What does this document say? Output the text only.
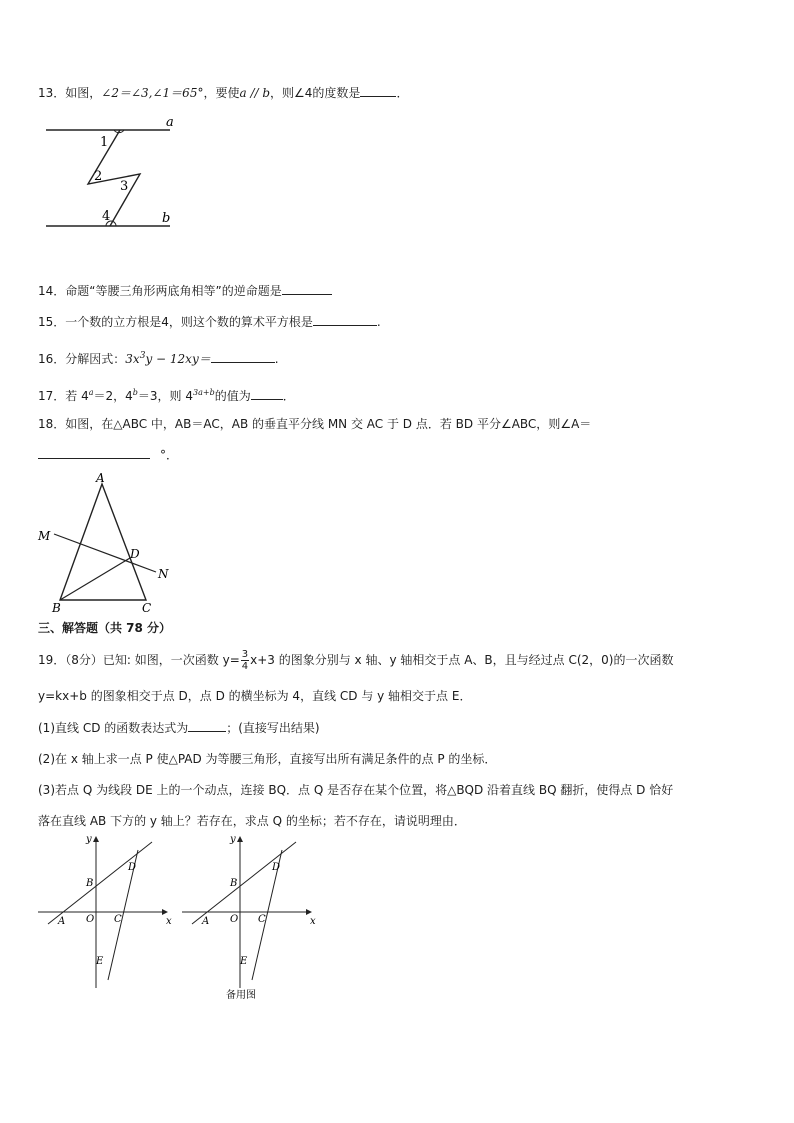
13．如图，∠2＝∠3,∠1＝65°，要使a // b，则∠4的度数是	．
a
b
1
2
3
4
14．命题“等腰三角形两底角相等”的逆命题是
15．一个数的立方根是4，则这个数的算术平方根是	.
16．分解因式：$3x^3y - 12xy=$	.
17．若 $4^a=2$，$4^b=3$，则 $4^{3a+b}$的值为	．
18．如图，在△ABC 中，AB＝AC，AB 的垂直平分线 MN 交 AC 于 D 点．若 BD 平分∠ABC，则∠A＝
°．
A
B	C
D
M
N
三、解答题（共 78 分）
19．（8分）已知: 如图，一次函数 $y= \frac{3}{4} x+3$ 的图象分别与 x 轴、y 轴相交于点 A、B，且与经过点 C(2，0)的一次函数
y=kx+b 的图象相交于点 D，点 D 的横坐标为 4，直线 CD 与 y 轴相交于点 E．
(1)直线 CD 的函数表达式为	；(直接写出结果)
(2)在 x 轴上求一点 P 使△PAD 为等腰三角形，直接写出所有满足条件的点 P 的坐标．
(3)若点 Q 为线段 DE 上的一个动点，连接 BQ．点 Q 是否存在某个位置，将△BQD 沿着直线 BQ 翻折，使得点 D 恰好
落在直线 AB 下方的 y 轴上？若存在，求点 Q 的坐标；若不存在，请说明理由．
x
y
A
B
C
D
E
O	x
y
A
B
C
D
E
O
备用图
